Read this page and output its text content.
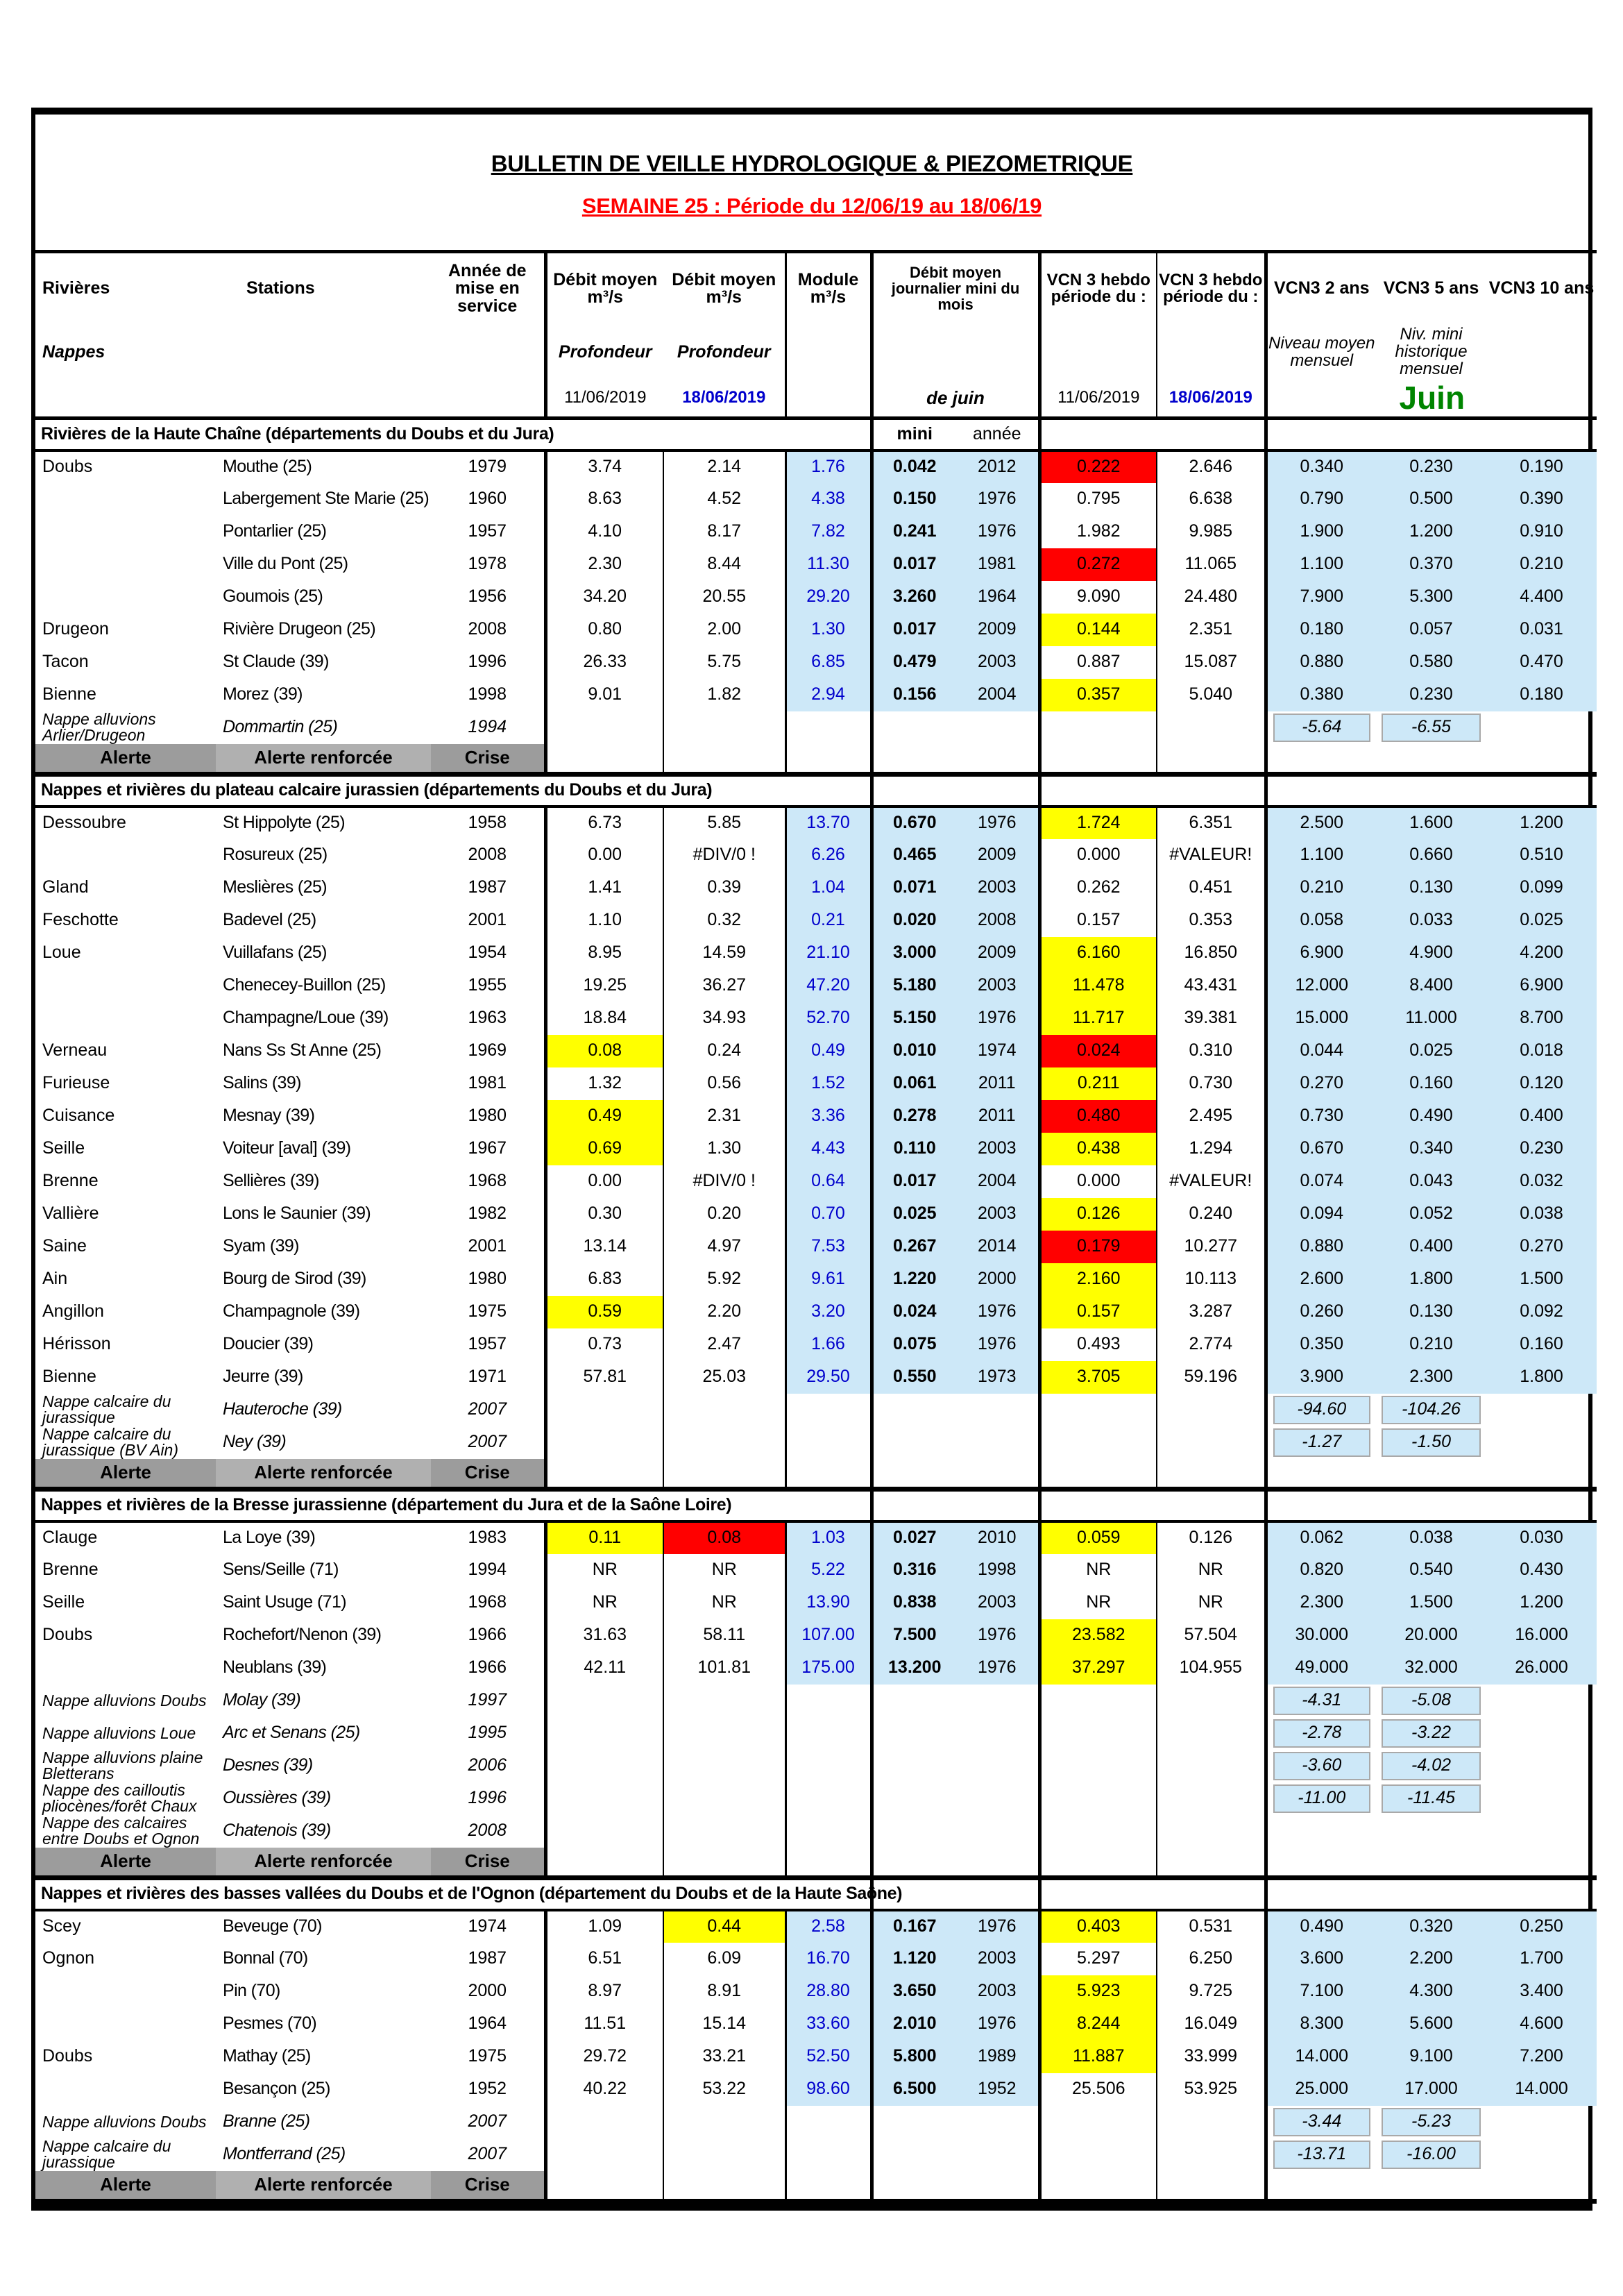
BULLETIN DE VEILLE HYDROLOGIQUE & PIEZOMETRIQUE
SEMAINE 25 : Période du 12/06/19 au 18/06/19
Rivières	Stations	Année de mise en service	Débit moyen m³/s	Débit moyen m³/s	Module m³/s	Débit moyen journalier mini du mois		VCN 3 hebdo période du :	VCN 3 hebdo période du :	VCN3 2 ans	VCN3 5 ans	VCN3 10 ans
Nappes			Profondeur	Profondeur						Niveau moyen mensuel	Niv. mini historique mensuel	
			11/06/2019	18/06/2019		de juin		11/06/2019	18/06/2019	Juin		
Rivières de la Haute Chaîne (départements du Doubs et du Jura)						mini	année					
Doubs	Mouthe (25)	1979	3.74	2.14	1.76	0.042	2012	0.222	2.646	0.340	0.230	0.190
	Labergement Ste Marie (25)	1960	8.63	4.52	4.38	0.150	1976	0.795	6.638	0.790	0.500	0.390
	Pontarlier (25)	1957	4.10	8.17	7.82	0.241	1976	1.982	9.985	1.900	1.200	0.910
	Ville du Pont (25)	1978	2.30	8.44	11.30	0.017	1981	0.272	11.065	1.100	0.370	0.210
	Goumois (25)	1956	34.20	20.55	29.20	3.260	1964	9.090	24.480	7.900	5.300	4.400
Drugeon	Rivière Drugeon (25)	2008	0.80	2.00	1.30	0.017	2009	0.144	2.351	0.180	0.057	0.031
Tacon	St Claude (39)	1996	26.33	5.75	6.85	0.479	2003	0.887	15.087	0.880	0.580	0.470
Bienne	Morez (39)	1998	9.01	1.82	2.94	0.156	2004	0.357	5.040	0.380	0.230	0.180
Nappe alluvions Arlier/Drugeon	Dommartin (25)	1994								-5.64	-6.55	

Alerte	Alerte renforcée	Crise										
Nappes et rivières du plateau calcaire jurassien (départements du Doubs et du Jura)												
Dessoubre	St Hippolyte (25)	1958	6.73	5.85	13.70	0.670	1976	1.724	6.351	2.500	1.600	1.200
	Rosureux (25)	2008	0.00	#DIV/0 !	6.26	0.465	2009	0.000	#VALEUR!	1.100	0.660	0.510
Gland	Meslières (25)	1987	1.41	0.39	1.04	0.071	2003	0.262	0.451	0.210	0.130	0.099
Feschotte	Badevel (25)	2001	1.10	0.32	0.21	0.020	2008	0.157	0.353	0.058	0.033	0.025
Loue	Vuillafans (25)	1954	8.95	14.59	21.10	3.000	2009	6.160	16.850	6.900	4.900	4.200
	Chenecey-Buillon (25)	1955	19.25	36.27	47.20	5.180	2003	11.478	43.431	12.000	8.400	6.900
	Champagne/Loue (39)	1963	18.84	34.93	52.70	5.150	1976	11.717	39.381	15.000	11.000	8.700
Verneau	Nans Ss St Anne (25)	1969	0.08	0.24	0.49	0.010	1974	0.024	0.310	0.044	0.025	0.018
Furieuse	Salins (39)	1981	1.32	0.56	1.52	0.061	2011	0.211	0.730	0.270	0.160	0.120
Cuisance	Mesnay (39)	1980	0.49	2.31	3.36	0.278	2011	0.480	2.495	0.730	0.490	0.400
Seille	Voiteur [aval] (39)	1967	0.69	1.30	4.43	0.110	2003	0.438	1.294	0.670	0.340	0.230
Brenne	Sellières (39)	1968	0.00	#DIV/0 !	0.64	0.017	2004	0.000	#VALEUR!	0.074	0.043	0.032
Vallière	Lons le Saunier (39)	1982	0.30	0.20	0.70	0.025	2003	0.126	0.240	0.094	0.052	0.038
Saine	Syam (39)	2001	13.14	4.97	7.53	0.267	2014	0.179	10.277	0.880	0.400	0.270
Ain	Bourg de Sirod (39)	1980	6.83	5.92	9.61	1.220	2000	2.160	10.113	2.600	1.800	1.500
Angillon	Champagnole (39)	1975	0.59	2.20	3.20	0.024	1976	0.157	3.287	0.260	0.130	0.092
Hérisson	Doucier (39)	1957	0.73	2.47	1.66	0.075	1976	0.493	2.774	0.350	0.210	0.160
Bienne	Jeurre (39)	1971	57.81	25.03	29.50	0.550	1973	3.705	59.196	3.900	2.300	1.800
Nappe calcaire du jurassique	Hauteroche (39)	2007								-94.60	-104.26	

Nappe calcaire du jurassique (BV Ain)	Ney (39)	2007								-1.27	-1.50	

Alerte	Alerte renforcée	Crise										
Nappes et rivières de la Bresse jurassienne (département du Jura et de la Saône Loire)												
Clauge	La Loye (39)	1983	0.11	0.08	1.03	0.027	2010	0.059	0.126	0.062	0.038	0.030
Brenne	Sens/Seille (71)	1994	NR	NR	5.22	0.316	1998	NR	NR	0.820	0.540	0.430
Seille	Saint Usuge (71)	1968	NR	NR	13.90	0.838	2003	NR	NR	2.300	1.500	1.200
Doubs	Rochefort/Nenon (39)	1966	31.63	58.11	107.00	7.500	1976	23.582	57.504	30.000	20.000	16.000
	Neublans (39)	1966	42.11	101.81	175.00	13.200	1976	37.297	104.955	49.000	32.000	26.000
Nappe alluvions Doubs	Molay (39)	1997								-4.31	-5.08	

Nappe alluvions Loue	Arc et Senans (25)	1995								-2.78	-3.22	

Nappe alluvions plaine Bletterans	Desnes (39)	2006								-3.60	-4.02	

Nappe des cailloutis pliocènes/forêt Chaux	Oussières (39)	1996								-11.00	-11.45	

Nappe des calcaires entre Doubs et Ognon	Chatenois (39)	2008										
Alerte	Alerte renforcée	Crise										
Nappes et rivières des basses vallées du Doubs et de l'Ognon (département du Doubs et de la Haute Saône)												
Scey	Beveuge (70)	1974	1.09	0.44	2.58	0.167	1976	0.403	0.531	0.490	0.320	0.250
Ognon	Bonnal (70)	1987	6.51	6.09	16.70	1.120	2003	5.297	6.250	3.600	2.200	1.700
	Pin (70)	2000	8.97	8.91	28.80	3.650	2003	5.923	9.725	7.100	4.300	3.400
	Pesmes (70)	1964	11.51	15.14	33.60	2.010	1976	8.244	16.049	8.300	5.600	4.600
Doubs	Mathay (25)	1975	29.72	33.21	52.50	5.800	1989	11.887	33.999	14.000	9.100	7.200
	Besançon (25)	1952	40.22	53.22	98.60	6.500	1952	25.506	53.925	25.000	17.000	14.000
Nappe alluvions Doubs	Branne (25)	2007								-3.44	-5.23	

Nappe calcaire du jurassique	Montferrand (25)	2007								-13.71	-16.00	

Alerte	Alerte renforcée	Crise										
